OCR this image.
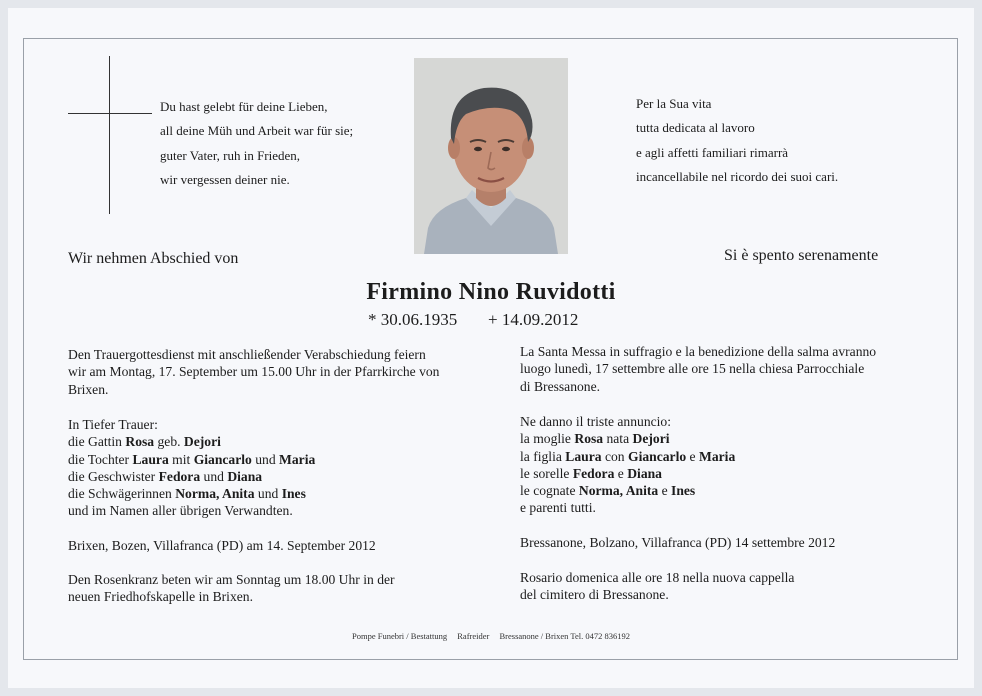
Du hast gelebt für deine Lieben,
all deine Müh und Arbeit war für sie;
guter Vater, ruh in Frieden,
wir vergessen deiner nie.
Per la Sua vita
tutta dedicata al lavoro
e agli affetti familiari rimarrà
incancellabile nel ricordo dei suoi cari.
Wir nehmen Abschied von	Si è spento serenamente
Firmino Nino Ruvidotti
* 30.06.1935 + 14.09.2012
Den Trauergottesdienst mit anschließender Verabschiedung feiern
wir am Montag, 17. September um 15.00 Uhr in der Pfarrkirche von
Brixen.
In Tiefer Trauer:
die Gattin Rosa geb. Dejori
die Tochter Laura mit Giancarlo und Maria
die Geschwister Fedora und Diana
die Schwägerinnen Norma, Anita und Ines
und im Namen aller übrigen Verwandten.
Brixen, Bozen, Villafranca (PD) am 14. September 2012
Den Rosenkranz beten wir am Sonntag um 18.00 Uhr in der
neuen Friedhofskapelle in Brixen.
La Santa Messa in suffragio e la benedizione della salma avranno
luogo lunedì, 17 settembre alle ore 15 nella chiesa Parrocchiale
di Bressanone.
Ne danno il triste annuncio:
la moglie Rosa nata Dejori
la figlia Laura con Giancarlo e Maria
le sorelle Fedora e Diana
le cognate Norma, Anita e Ines
e parenti tutti.
Bressanone, Bolzano, Villafranca (PD) 14 settembre 2012
Rosario domenica alle ore 18 nella nuova cappella
del cimitero di Bressanone.
Pompe Funebri / Bestattung Rafreider Bressanone / Brixen Tel. 0472 836192
